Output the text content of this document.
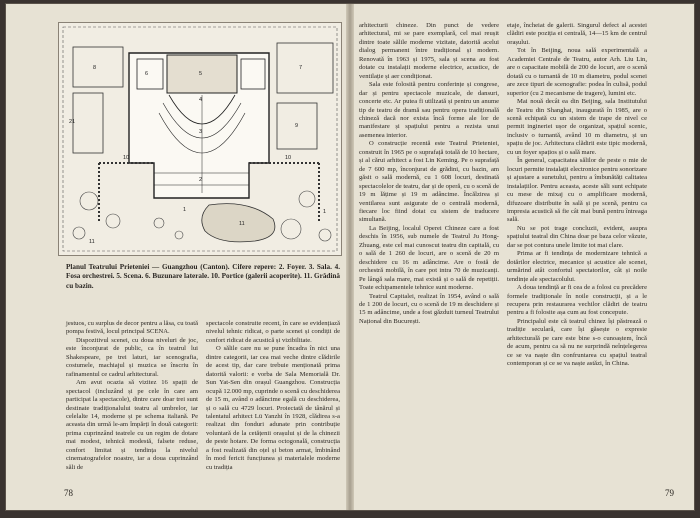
6	5
3
4
2
8	7
10
9
11
21
10
1	1
11
Planul Teatrului Prieteniei — Guangzhou (Canton). Cifere repere: 2. Foyer. 3. Sala. 4. Fosa orchestrei. 5. Scena. 6. Buzunare laterale. 10. Portice (galerii acoperite). 11. Grădină cu bazin.

jestuos, cu surplus de decor pentru a lăsa, cu toată pompa festivă, locul principal SCENA.

Dispozitivul scenei, cu doua niveluri de joc, este înconjurat de public, ca în teatrul lui Shakespeare, pe trei laturi, iar scenografia, costumele, machiajul și muzica se înscriu în rafinamentul ce cadrul arhitectural.

Am avut ocazia să vizitez 16 spații de spectacol (incluzând și pe cele în care am participat la spectacole), dintre care doar trei sunt destinate tradiționalului teatru al umbrelor, iar celelalte 14, moderne și pe schema italiană. Pe aceasta din urmă le-am împărți în două categorii: prima cuprinzând teatrele cu un regim de dotare mai modest, tehnică modestă, falsete reduse, confort limitat și tendința la nivelul cinematografelor noastre, iar a doua cuprinzând săli de

spectacole construite recent, în care se evidențiază nivelul tehnic ridicat, o parte scenei și condiții de confort ridicat de acustică și vizibilitate.

O sălile care nu se pune încadra în nici una dintre categorii, iar cea mai veche dintre clădirile de acest tip, dar care trebuie menționată prima datorită valorii: e vorba de Sala Memorială Dr. Sun Yat-Sen din orașul Guangzhou. Construcția ocupă 12.000 mp, cuprinde o scenă cu deschiderea de 15 m, având o adâncime egală cu deschiderea, și o sală cu 4729 locuri. Proiectată de tânărul și talentatul arhitect Lü Yanzhi în 1928, clădirea s-a realizat din fonduri adunate prin contribuție voluntară de la cetățenii orașului și de la chinezii de peste hotare. De forma octogonală, construcția a fost realizată din oțel și beton armat, îmbinând în mod fericit funcțiunea și materialele moderne cu tradiția

78

arhitecturii chineze. Din punct de vedere arhitectural, mi se pare exemplară, cel mai reușit dintre toate sălile moderne vizitate, datorită acelui dialog permanent între tradițional și modern. Renovată în 1963 și 1975, sala și scena au fost dotate cu instalații moderne electrice, acustice, de ventilație și aer condiționat.

Sala este folosită pentru conferințe și congrese, dar și pentru spectacole muzicale, de dansuri, concerte etc. Ar putea fi utilizată și pentru un anume tip de teatru de dramă sau pentru opera tradițională chineză dacă nor exista încă forme ale lor de manifestare și spațiului pentru a rezista unui asemenea interior.

O construcție recentă este Teatrul Prieteniei, construit în 1965 pe o suprafață totală de 10 hectare, și al cărui arhitect a fost Lin Keming. Pe o suprafață de 7 600 mp, înconjurat de grădini, cu bazin, am găsit o sală modernă, cu 1 608 locuri, destinată spectacolelor de teatru, dar și de operă, cu o scenă de 19 m lățime și 19 m adâncime. Încălzirea și ventilarea sunt asigurate de o centrală modernă, fiecare loc fiind dotat cu sistem de traducere simultană.

La Beijing, localul Operei Chineze care a fost deschis în 1956, sub numele de Teatrul Ju Hong-Zhuang, este cel mai cunoscut teatru din capitală, cu o sală de 1 260 de locuri, are o scenă de 20 m deschidere cu 16 m adâncime. Are o fostă de orchestră mobilă, în care pot intra 70 de muzicanți. Pe lângă sala mare, mai există și o sală de repetiții. Toate echipamentele tehnice sunt moderne.

Teatrul Capitalei, realizat în 1954, având o sală de 1 200 de locuri, cu o scenă de 19 m deschidere și 15 m adâncime, unde a fost găzduit turneul Teatrului Național din București.

etaje, încheiat de galerii. Singurul defect al acestei clădiri este poziția ei centrală, 14—15 km de centrul orașului.

Tot în Beijing, noua sală experimentală a Academiei Centrale de Teatru, autor Arh. Liu Lin, are o capacitate mobilă de 200 de locuri, are o scenă dotată cu o turnantă de 10 m diametru, podul scenei are zece tipuri de scenografie: podea în culisă, podul superior (cu 2 mecanisme de tragere), lumini etc.

Mai nouă decât ea din Beijing, sala Institutului de Teatru din Shanghai, inaugurată în 1985, are o scenă echipată cu un sistem de trape de nivel ce permit ingineriei ușor de organizat, spațiul scenic, inclusiv o turnantă, având 10 m diametru, și un spațiu de joc. Arhitectura clădirii este tipic modernă, cu un foyer spațios și o sală mare.

În general, capacitatea sălilor de peste o mie de locuri permite instalații electronice pentru sonorizare și ajustare a sunetului, pentru a îmbunătăți calitatea instalațiilor. Pentru aceasta, aceste săli sunt echipate cu mese de mixaj cu o amplificare modernă, difuzoare distribuite în sală și pe scenă, pentru ca impresia acustică să fie cât mai bună pentru întreaga sală.

Nu se pot trage concluzii, evident, asupra spațiului teatral din China doar pe baza celor văzute, dar se pot contura unele limite tot mai clare.

Prima ar fi tendința de modernizare tehnică a dotărilor electrice, mecanice și acustice ale scenei, urmărind atât confortul spectatorilor, cât și noile tendințe ale spectacolului.

A doua tendință ar fi cea de a folosi cu precădere formele tradiționale în noile construcții, și a le recupera prin restaurarea vechilor clădiri de teatru pentru a fi folosite așa cum au fost concepute.

Principalul este că teatrul chinez își păstrează o tradiție seculară, care își găsește o expresie arhitecturală pe care este bine s-o cunoaștem, încă de acum, pentru ca să nu ne surprindă neînțelegerea ce se va naște din confruntarea cu spațiul teatral contemporan și ce se va naște astăzi, în China.

79
